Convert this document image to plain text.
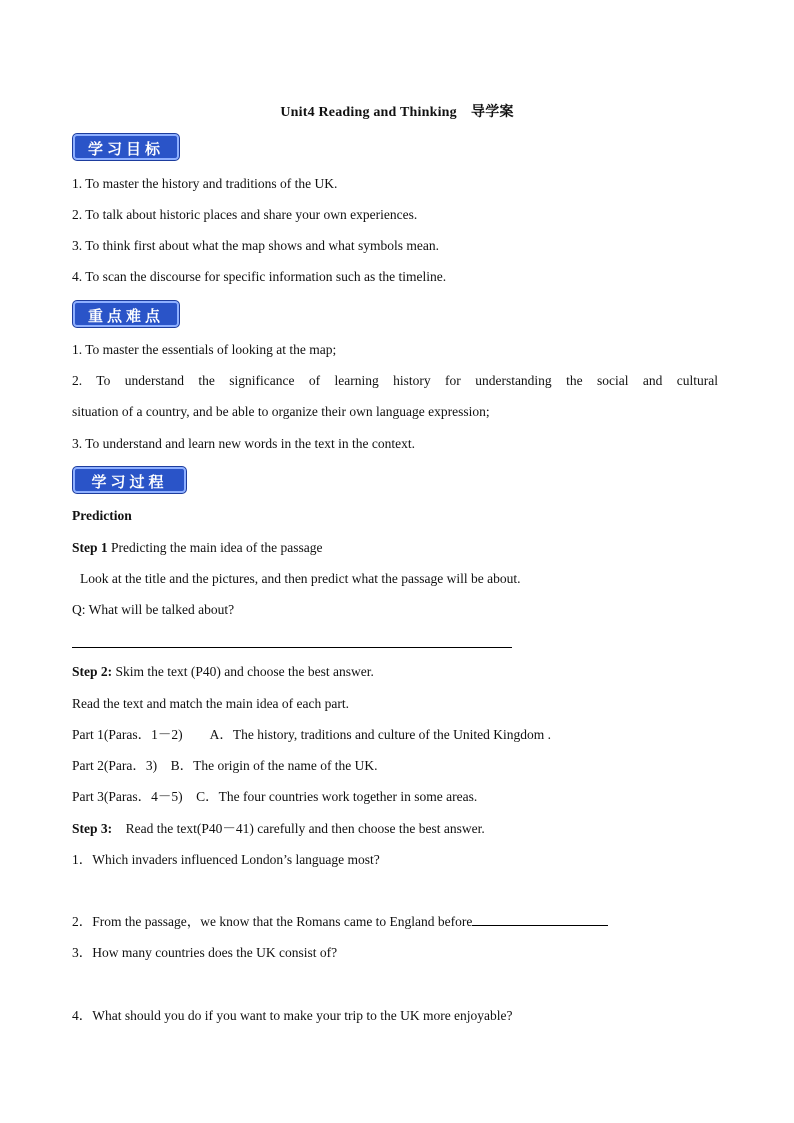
Unit4 Reading and Thinking　导学案
学习目标
1. To master the history and traditions of the UK.
2. To talk about historic places and share your own experiences.
3. To think first about what the map shows and what symbols mean.
4. To scan the discourse for specific information such as the timeline.
重点难点
1. To master the essentials of looking at the map;
2. To understand the significance of learning history for understanding the social and cultural
situation of a country, and be able to organize their own language expression;
3. To understand and learn new words in the text in the context.
学习过程
Prediction
Step 1 Predicting the main idea of the passage
Look at the title and the pictures, and then predict what the passage will be about.
Q: What will be talked about?
Step 2: Skim the text (P40) and choose the best answer.
Read the text and match the main idea of each part.
Part 1(Paras．1－2)　　A．The history, traditions and culture of the United Kingdom .
Part 2(Para．3)　B．The origin of the name of the UK.
Part 3(Paras．4－5)　C．The four countries work together in some areas.
Step 3:　Read the text(P40－41) carefully and then choose the best answer.
1．Which invaders influenced London’s language most?
2．From the passage，we know that the Romans came to England before
3．How many countries does the UK consist of?
4．What should you do if you want to make your trip to the UK more enjoyable?
